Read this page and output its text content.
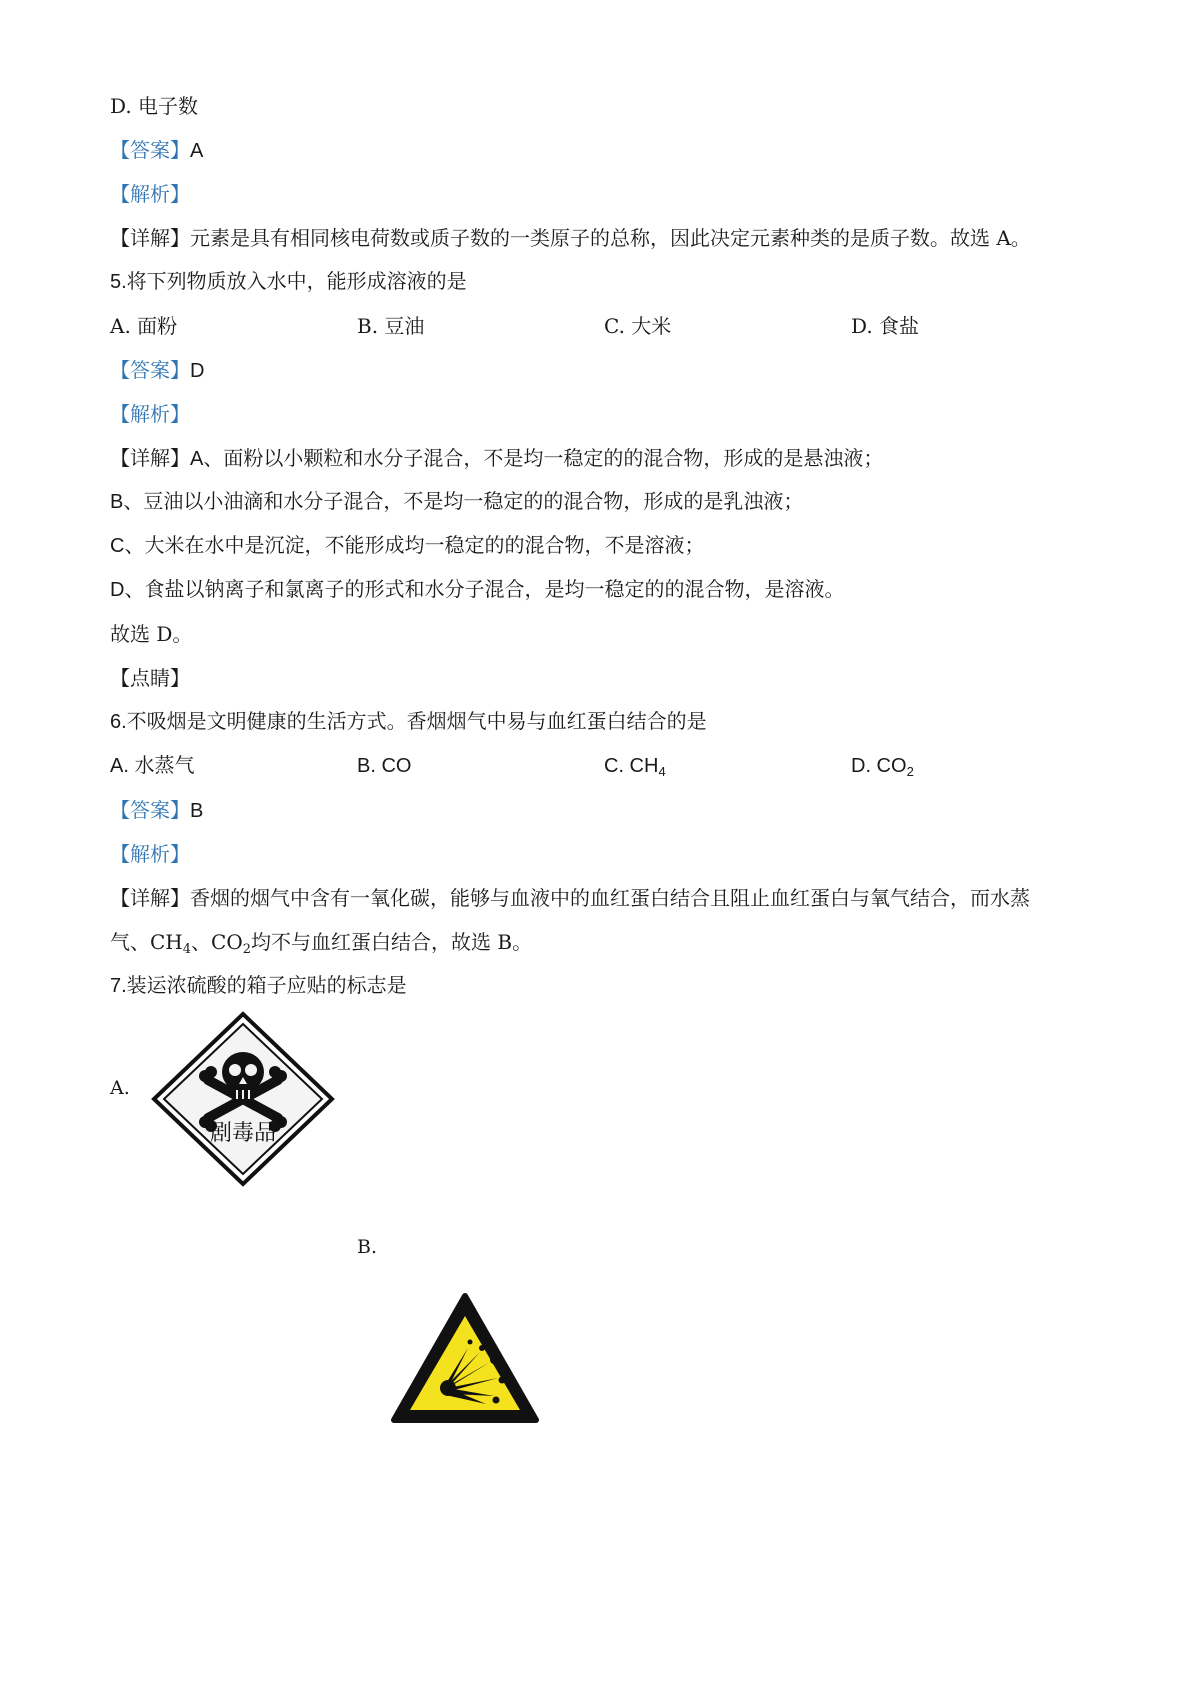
D. 电子数
【答案】A
【解析】
【详解】元素是具有相同核电荷数或质子数的一类原子的总称，因此决定元素种类的是质子数。故选 A。
5.将下列物质放入水中，能形成溶液的是
A. 面粉	B. 豆油	C. 大米	D. 食盐
【答案】D
【解析】
【详解】A、面粉以小颗粒和水分子混合，不是均一稳定的的混合物，形成的是悬浊液；
B、豆油以小油滴和水分子混合，不是均一稳定的的混合物，形成的是乳浊液；
C、大米在水中是沉淀，不能形成均一稳定的的混合物，不是溶液；
D、食盐以钠离子和氯离子的形式和水分子混合，是均一稳定的的混合物，是溶液。
故选 D。
【点睛】
6.不吸烟是文明健康的生活方式。香烟烟气中易与血红蛋白结合的是
A. 水蒸气	B. CO	C. $CH_4$	D. $CO_2$
【答案】B
【解析】
【详解】香烟的烟气中含有一氧化碳，能够与血液中的血红蛋白结合且阻止血红蛋白与氧气结合，而水蒸
气、$CH_4$、$CO_2$均不与血红蛋白结合，故选 B。
7.装运浓硫酸的箱子应贴的标志是
A.
剧毒品
B.
